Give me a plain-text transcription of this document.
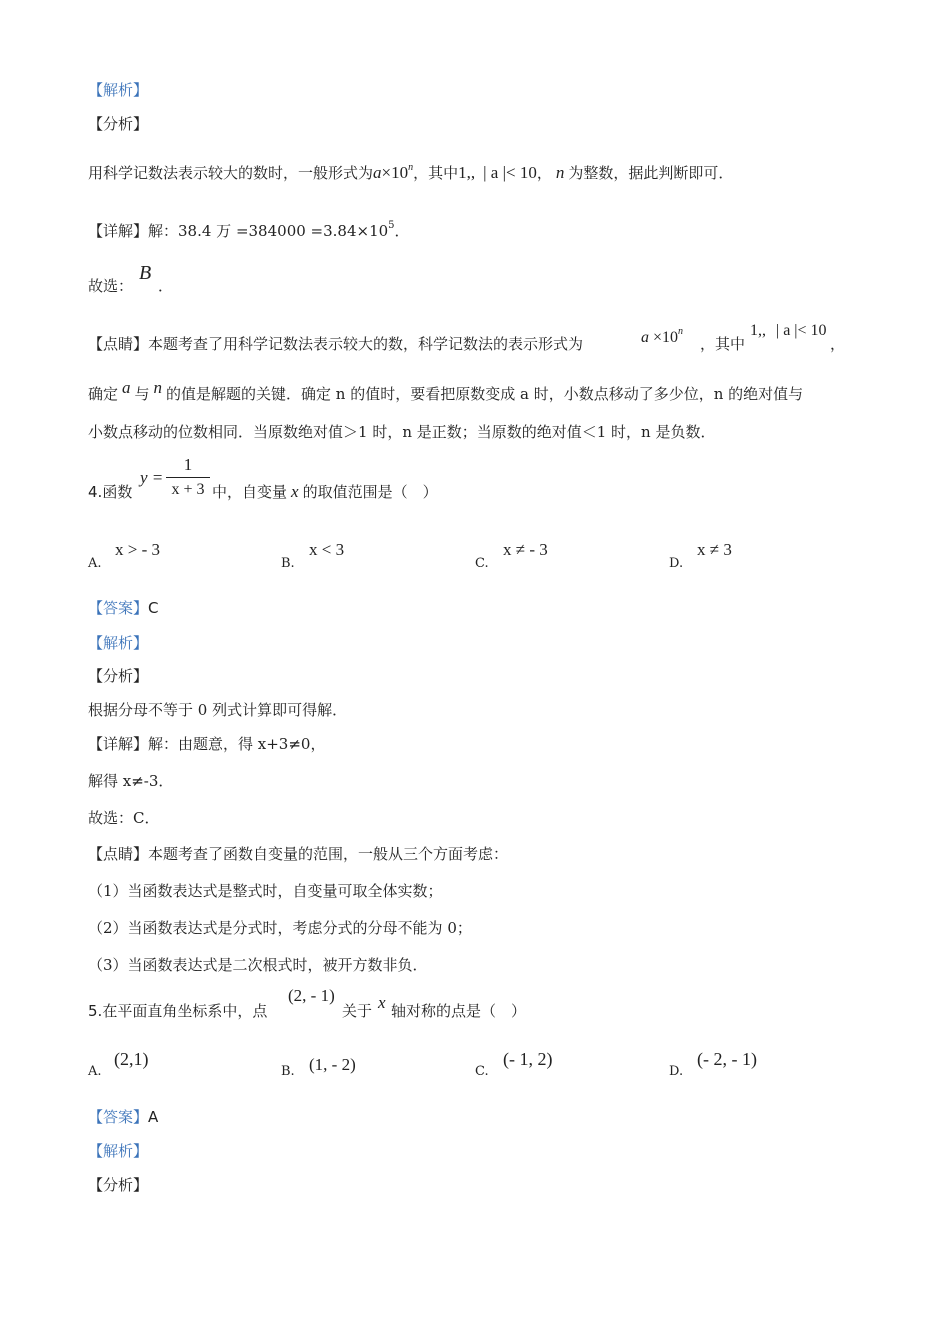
【解析】
【分析】
用科学记数法表示较大的数时，一般形式为$a\times 10^n$，其中1,, | a |< 10， n 为整数，据此判断即可．
【详解】解：38.4 万 $=384000 =3.84\times 10^5$．
故选：
B
．
【点睛】本题考查了用科学记数法表示较大的数，科学记数法的表示形式为	$a \times 10^n$
，其中
1,, | a |< 10
，
确定 a 与 n 的值是解题的关键．确定 n 的值时，要看把原数变成 a 时，小数点移动了多少位，n 的绝对值与
小数点移动的位数相同．当原数绝对值＞1 时，n 是正数；当原数的绝对值＜1 时，n 是负数．
4.函数
y =
1
x + 3 中，自变量 x 的取值范围是（　）
A.
x > - 3
B.
x < 3
C.
x ≠ - 3
D.
x ≠ 3
【答案】C
【解析】
【分析】
根据分母不等于 0 列式计算即可得解．
【详解】解：由题意，得 x+3≠0，
解得 x≠-3．
故选：C．
【点睛】本题考查了函数自变量的范围，一般从三个方面考虑：
（1）当函数表达式是整式时，自变量可取全体实数；
（2）当函数表达式是分式时，考虑分式的分母不能为 0；
（3）当函数表达式是二次根式时，被开方数非负．
5.在平面直角坐标系中，点
(2, - 1)
关于 x 轴对称的点是（　）
A.
(2,1)
B. (1, - 2)	C.
(- 1, 2)
D.
(- 2, - 1)
【答案】A
【解析】
【分析】
